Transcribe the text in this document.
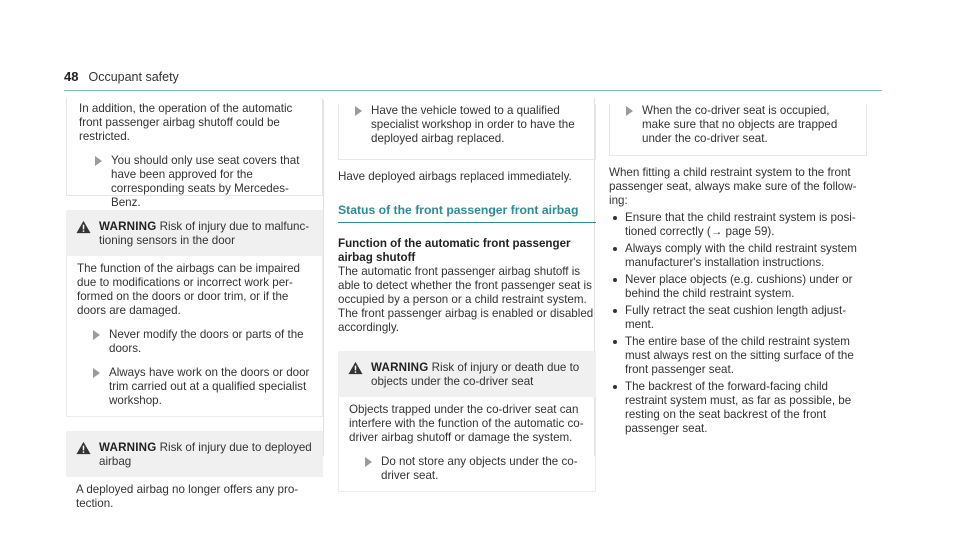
48 Occupant safety

In addition, the operation of the automatic front passenger airbag shutoff could be restricted.

You should only use seat covers that have been approved for the corresponding seats by Mercedes-Benz.
WARNING Risk of injury due to malfunctioning sensors in the door

The function of the airbags can be impaired due to modifications or incorrect work performed on the doors or door trim, or if the doors are damaged.

Never modify the doors or parts of the doors.
Always have work on the doors or door trim carried out at a qualified specialist workshop.
WARNING Risk of injury due to deployed airbag

A deployed airbag no longer offers any protection.

Have the vehicle towed to a qualified specialist workshop in order to have the deployed airbag replaced.

Have deployed airbags replaced immediately.

Status of the front passenger front airbag

Function of the automatic front passenger airbag shutoff

The automatic front passenger airbag shutoff is able to detect whether the front passenger seat is occupied by a person or a child restraint system. The front passenger airbag is enabled or disabled accordingly.

WARNING Risk of injury or death due to objects under the co-driver seat

Objects trapped under the co-driver seat can interfere with the function of the automatic co-driver airbag shutoff or damage the system.

Do not store any objects under the co-driver seat.
When the co-driver seat is occupied, make sure that no objects are trapped under the co-driver seat.

When fitting a child restraint system to the front passenger seat, always make sure of the following:

Ensure that the child restraint system is positioned correctly (→ page 59).
Always comply with the child restraint system manufacturer's installation instructions.
Never place objects (e.g. cushions) under or behind the child restraint system.
Fully retract the seat cushion length adjustment.
The entire base of the child restraint system must always rest on the sitting surface of the front passenger seat.
The backrest of the forward-facing child restraint system must, as far as possible, be resting on the seat backrest of the front passenger seat.
